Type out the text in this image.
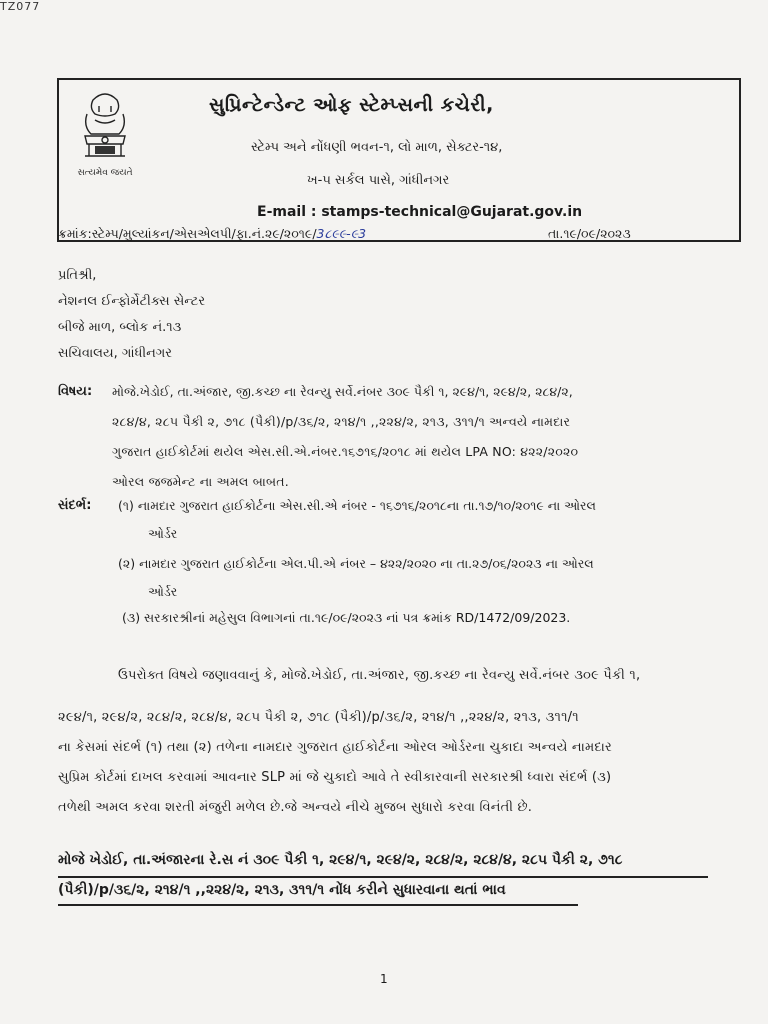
TZ077
સત્યમેવ જયતે
સુપ્રિન્ટેન્ડેન્ટ ઓફ સ્ટેમ્પ્સની કચેરી,
સ્ટેમ્પ અને નોંધણી ભવન-૧, લો માળ, સેક્ટર-૧૪,
ખ-૫ સર્કલ પાસે, ગાંધીનગર
E-mail : stamps-technical@Gujarat.gov.in
ક્રમાંક:સ્ટેમ્પ/મુલ્યાંકન/એસએલપી/ફા.નં.૨૯/૨૦૧૯/3૮૯૯-૯3	તા.૧૯/૦૯/૨૦૨૩
પ્રતિશ્રી,
નેશનલ ઈન્ફોર્મેટીક્સ સેન્ટર
બીજે માળ, બ્લોક નં.૧૩
સચિવાલય, ગાંધીનગર
વિષય: મોજે.ખેડોઈ, તા.અંજાર, જી.કચ્છ ના રેવન્યુ સર્વે.નંબર ૩૦૯ પૈકી ૧, ૨૯૪/૧, ૨૯૪/૨, ૨૮૪/૨,
૨૮૪/૪, ૨૮૫ પૈકી ૨, ૭૧૮ (પૈકી)/p/૩૬/૨, ૨૧૪/૧ ,,૨૨૪/૨, ૨૧૩, ૩૧૧/૧ અન્વયે નામદાર
ગુજરાત હાઈકોર્ટમાં થયેલ એસ.સી.એ.નંબર.૧૬૭૧૬/૨૦૧૮ માં થયેલ LPA NO: ૪૨૨/૨૦૨૦
ઓરલ જજમેન્ટ ના અમલ બાબત.
સંદર્ભ: (૧) નામદાર ગુજરાત હાઈકોર્ટના એસ.સી.એ નંબર - ૧૬૭૧૬/૨૦૧૮ના તા.૧૭/૧૦/૨૦૧૯ ના ઓરલ
ઓર્ડર
(૨) નામદાર ગુજરાત હાઈકોર્ટના એલ.પી.એ નંબર – ૪૨૨/૨૦૨૦ ના તા.૨૭/૦૬/૨૦૨૩ ના ઓરલ
ઓર્ડર
(૩) સરકારશ્રીનાં મહેસુલ વિભાગનાં તા.૧૯/૦૯/૨૦૨૩ નાં પત્ર ક્રમાંક RD/1472/09/2023.
ઉપરોક્ત વિષયે જણાવવાનું કે, મોજે.ખેડોઈ, તા.અંજાર, જી.કચ્છ ના રેવન્યુ સર્વે.નંબર ૩૦૯ પૈકી ૧,
૨૯૪/૧, ૨૯૪/૨, ૨૮૪/૨, ૨૮૪/૪, ૨૮૫ પૈકી ૨, ૭૧૮ (પૈકી)/p/૩૬/૨, ૨૧૪/૧ ,,૨૨૪/૨, ૨૧૩, ૩૧૧/૧
ના કેસમાં સંદર્ભ (૧) તથા (૨) તળેના નામદાર ગુજરાત હાઈકોર્ટના ઓરલ ઓર્ડરના ચુકાદા અન્વયે નામદાર
સુપ્રિમ કોર્ટમાં દાખલ કરવામાં આવનાર SLP માં જે ચુકાદો આવે તે સ્વીકારવાની સરકારશ્રી ધ્વારા સંદર્ભ (૩)
તળેથી અમલ કરવા શરતી મંજુરી મળેલ છે.જે અન્વયે નીચે મુજબ સુધારો કરવા વિનંતી છે.
મોજે ખેડોઈ, તા.અંજારના રે.સ નં ૩૦૯ પૈકી ૧, ૨૯૪/૧, ૨૯૪/૨, ૨૮૪/૨, ૨૮૪/૪, ૨૮૫ પૈકી ૨, ૭૧૮
(પૈકી)/p/૩૬/૨, ૨૧૪/૧ ,,૨૨૪/૨, ૨૧૩, ૩૧૧/૧ નોંધ કરીને સુધારવાના થતાં ભાવ
1
